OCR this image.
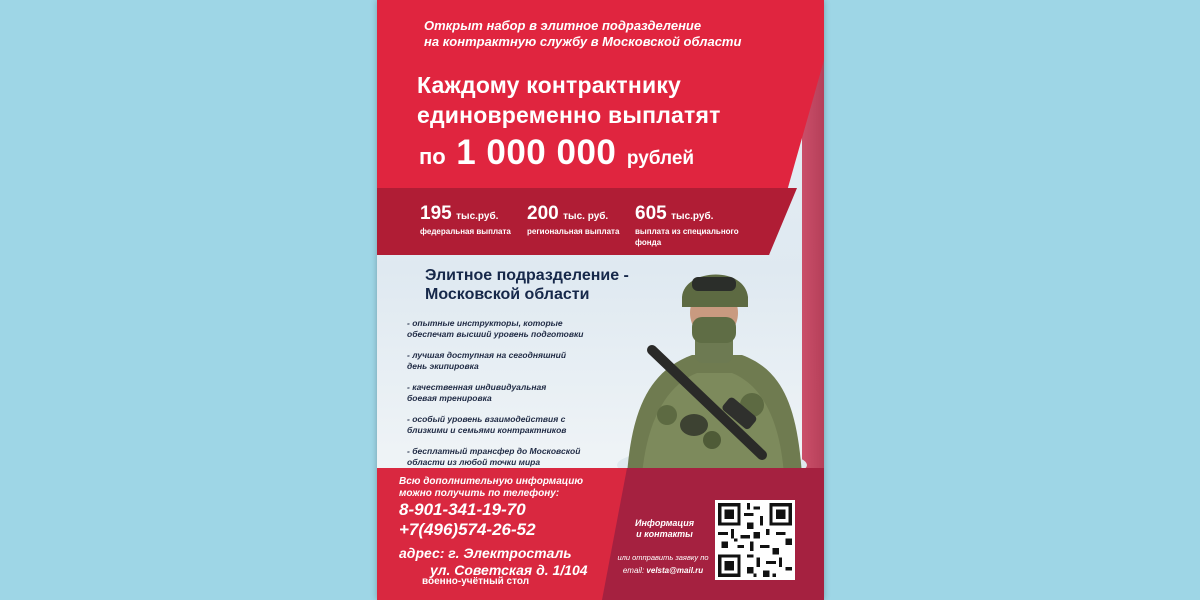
Открыт набор в элитное подразделение
на контрактную службу в Московской области
Каждому контрактнику
единовременно выплатят
по 1 000 000 рублей
195 тыс.руб.
федеральная выплата
200 тыс. руб.
региональная выплата
605 тыс.руб.
выплата из специального
фонда
Элитное подразделение -
Московской области
- опытные инструкторы, которые
обеспечат высший уровень подготовки
- лучшая доступная на сегодняшний
день экипировка
- качественная индивидуальная
боевая тренировка
- особый уровень взаимодействия с
близкими и семьями контрактников
- бесплатный трансфер до Московской
области из любой точки мира
Всю дополнительную информацию
можно получить по телефону:
8-901-341-19-70
+7(496)574-26-52
адрес: г. Электросталь
ул. Советская д. 1/104
военно-учётный стол
Информация
и контакты
или отправить заявку по
email: velsta@mail.ru
